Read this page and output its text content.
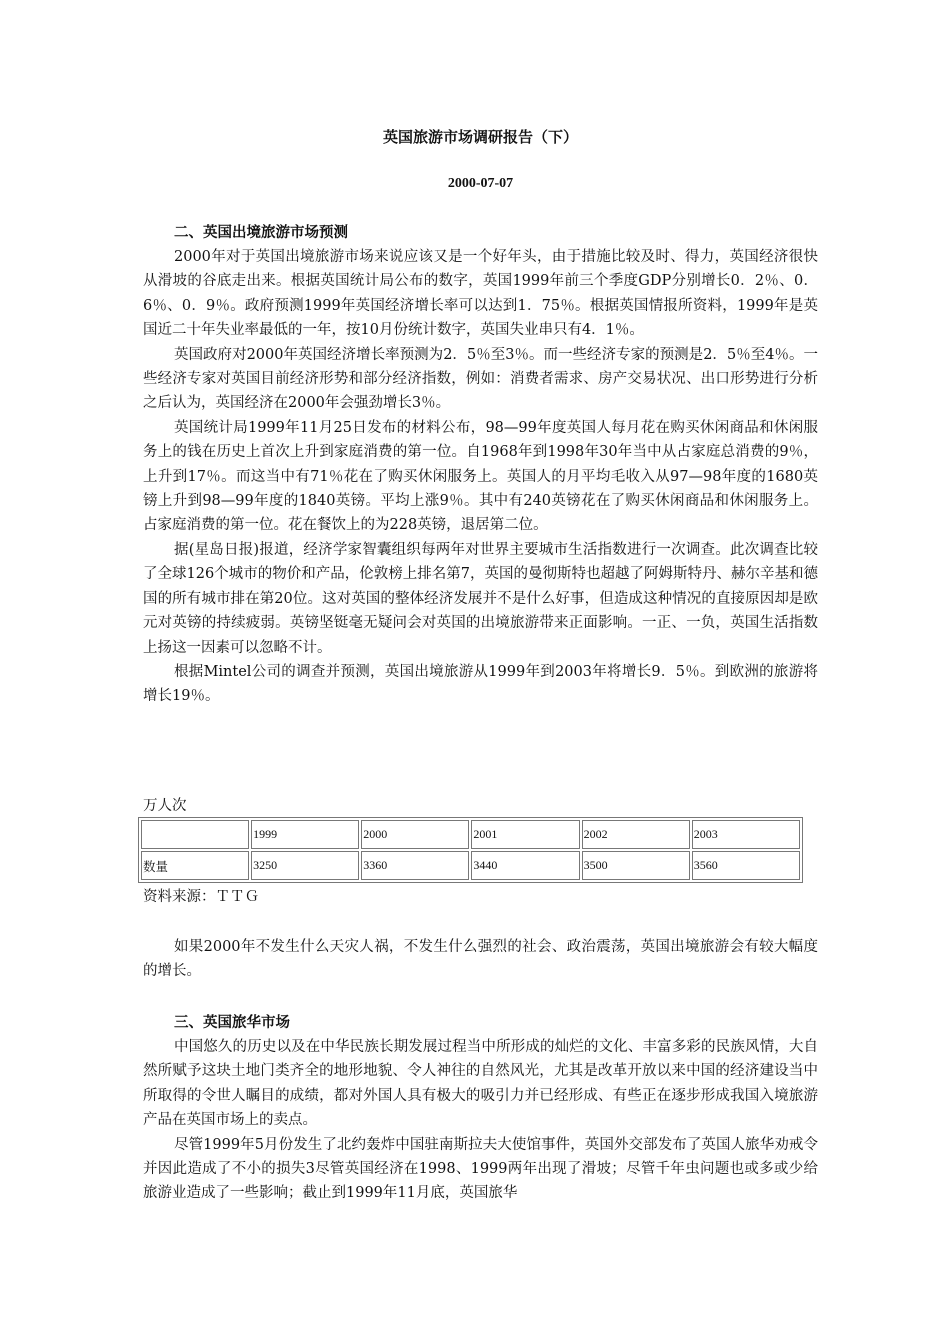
英国旅游市场调研报告（下）
2000-07-07

二、英国出境旅游市场预测

2000年对于英国出境旅游市场来说应该又是一个好年头，由于措施比较及时、得力，英国经济很快从滑坡的谷底走出来。根据英国统计局公布的数字，英国1999年前三个季度GDP分别增长0．2％、0．6％、0．9％。政府预测1999年英国经济增长率可以达到1．75％。根据英国情报所资料，1999年是英国近二十年失业率最低的一年，按10月份统计数字，英国失业串只有4．1％。

英国政府对2000年英国经济增长率预测为2．5％至3％。而一些经济专家的预测是2．5％至4％。一些经济专家对英国目前经济形势和部分经济指数，例如：消费者需求、房产交易状况、出口形势进行分析之后认为，英国经济在2000年会强劲增长3％。

英国统计局1999年11月25日发布的材料公布，98—99年度英国人每月花在购买休闲商品和休闲服务上的钱在历史上首次上升到家庭消费的第一位。自1968年到1998年30年当中从占家庭总消费的9％，上升到17％。而这当中有71％花在了购买休闲服务上。英国人的月平均毛收入从97—98年度的1680英镑上升到98—99年度的1840英镑。平均上涨9％。其中有240英镑花在了购买休闲商品和休闲服务上。占家庭消费的第一位。花在餐饮上的为228英镑，退居第二位。

据(星岛日报)报道，经济学家智囊组织每两年对世界主要城市生活指数进行一次调查。此次调查比较了全球126个城市的物价和产品，伦敦榜上排名第7，英国的曼彻斯特也超越了阿姆斯特丹、赫尔辛基和德国的所有城市排在第20位。这对英国的整体经济发展并不是什么好事，但造成这种情况的直接原因却是欧元对英镑的持续疲弱。英镑坚铤毫无疑问会对英国的出境旅游带来正面影响。一正、一负，英国生活指数上扬这一因素可以忽略不计。

根据Mintel公司的调查并预测，英国出境旅游从1999年到2003年将增长9．5％。到欧洲的旅游将增长19％。

万人次
	1999	2000	2001	2002	2003
数量	3250	3360	3440	3500	3560
资料来源：ＴＴＧ

如果2000年不发生什么天灾人祸，不发生什么强烈的社会、政治震荡，英国出境旅游会有较大幅度的增长。

三、英国旅华市场

中国悠久的历史以及在中华民族长期发展过程当中所形成的灿烂的文化、丰富多彩的民族风情，大自然所赋予这块土地门类齐全的地形地貌、令人神往的自然风光，尤其是改革开放以来中国的经济建设当中所取得的令世人瞩目的成绩，都对外国人具有极大的吸引力并已经形成、有些正在逐步形成我国入境旅游产品在英国市场上的卖点。

尽管1999年5月份发生了北约轰炸中国驻南斯拉夫大使馆事件，英国外交部发布了英国人旅华劝戒令并因此造成了不小的损失3尽管英国经济在1998、1999两年出现了滑坡；尽管千年虫问题也或多或少给旅游业造成了一些影响；截止到1999年11月底，英国旅华
